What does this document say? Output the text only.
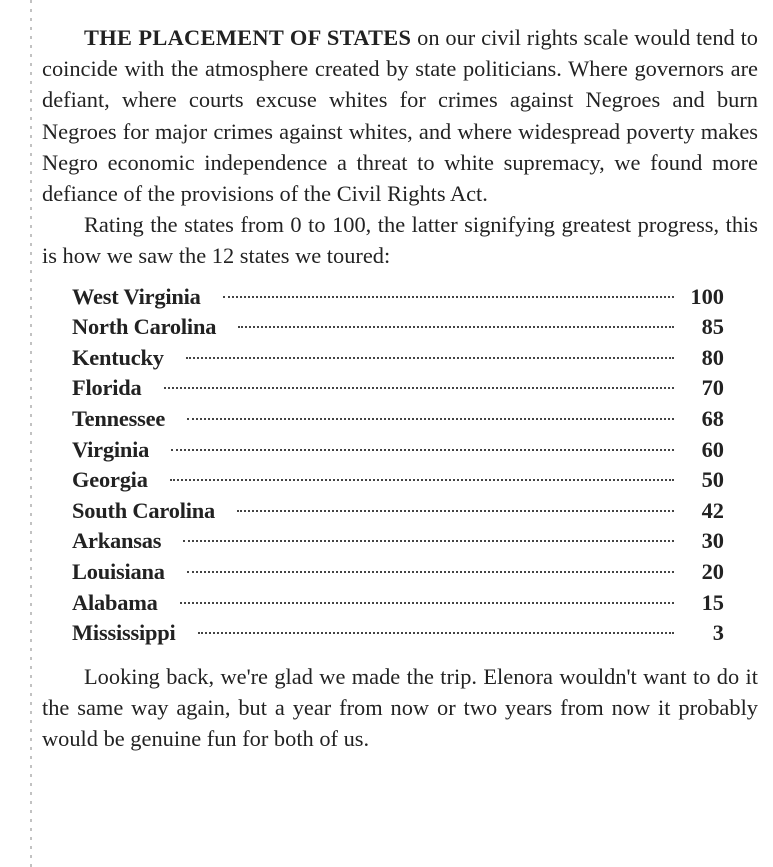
THE PLACEMENT OF STATES on our civil rights scale would tend to coincide with the atmosphere created by state politicians. Where governors are defiant, where courts excuse whites for crimes against Negroes and burn Negroes for major crimes against whites, and where widespread poverty makes Negro economic independence a threat to white supremacy, we found more defiance of the provisions of the Civil Rights Act.

Rating the states from 0 to 100, the latter signifying greatest progress, this is how we saw the 12 states we toured:

West Virginia	100
North Carolina	85
Kentucky	80
Florida	70
Tennessee	68
Virginia	60
Georgia	50
South Carolina	42
Arkansas	30
Louisiana	20
Alabama	15
Mississippi	3

Looking back, we're glad we made the trip. Elenora wouldn't want to do it the same way again, but a year from now or two years from now it probably would be genuine fun for both of us.
